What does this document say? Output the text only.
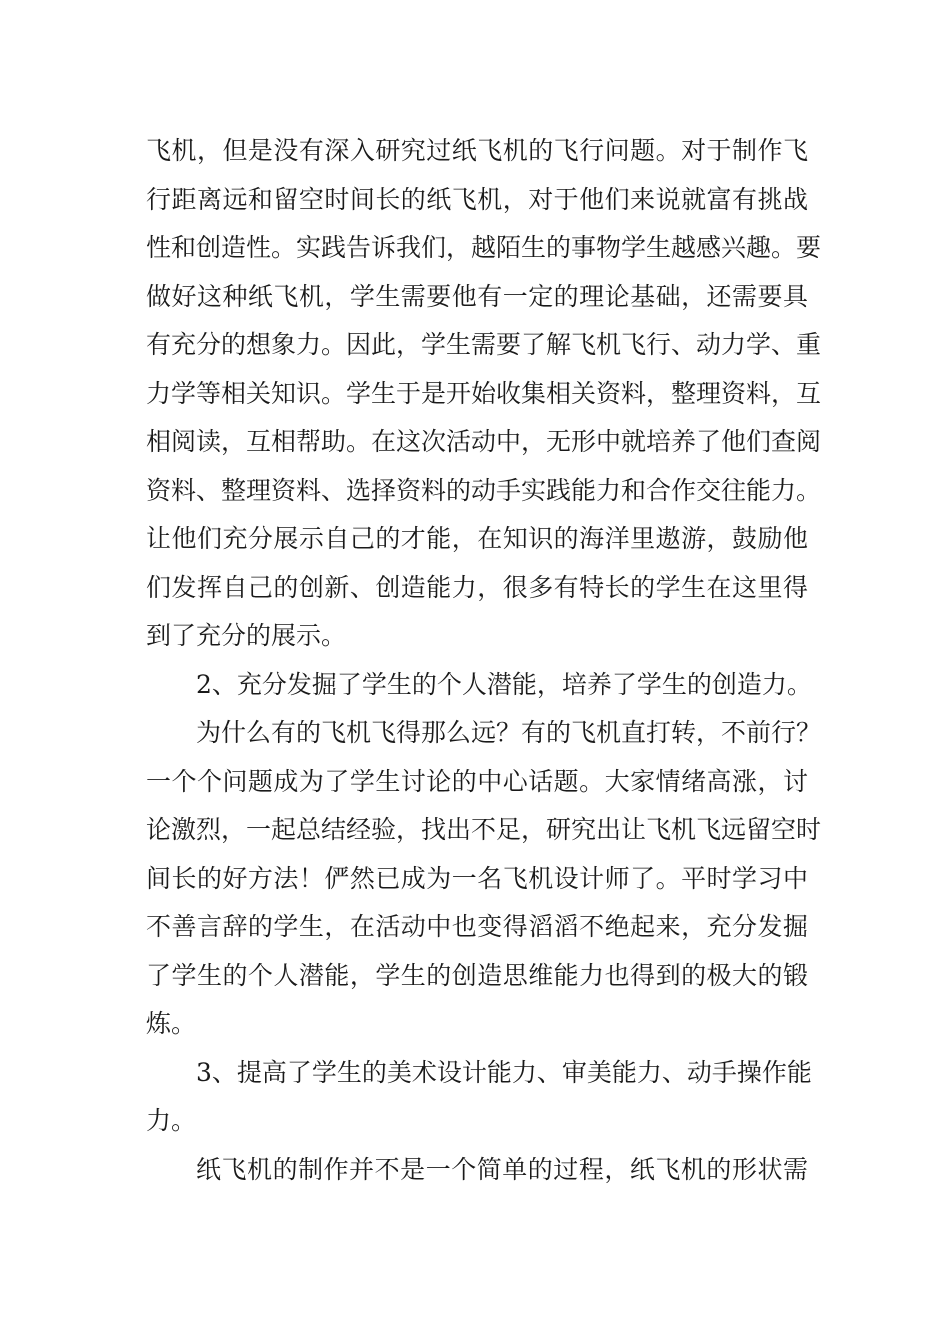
飞机，但是没有深入研究过纸飞机的飞行问题。对于制作飞
行距离远和留空时间长的纸飞机，对于他们来说就富有挑战
性和创造性。实践告诉我们，越陌生的事物学生越感兴趣。要
做好这种纸飞机，学生需要他有一定的理论基础，还需要具
有充分的想象力。因此，学生需要了解飞机飞行、动力学、重
力学等相关知识。学生于是开始收集相关资料，整理资料，互
相阅读，互相帮助。在这次活动中，无形中就培养了他们查阅
资料、整理资料、选择资料的动手实践能力和合作交往能力。
让他们充分展示自己的才能，在知识的海洋里遨游，鼓励他
们发挥自己的创新、创造能力，很多有特长的学生在这里得
到了充分的展示。
2、充分发掘了学生的个人潜能，培养了学生的创造力。
为什么有的飞机飞得那么远？有的飞机直打转，不前行？
一个个问题成为了学生讨论的中心话题。大家情绪高涨，讨
论激烈，一起总结经验，找出不足，研究出让飞机飞远留空时
间长的好方法！俨然已成为一名飞机设计师了。平时学习中
不善言辞的学生，在活动中也变得滔滔不绝起来，充分发掘
了学生的个人潜能，学生的创造思维能力也得到的极大的锻
炼。
3、提高了学生的美术设计能力、审美能力、动手操作能
力。
纸飞机的制作并不是一个简单的过程，纸飞机的形状需
